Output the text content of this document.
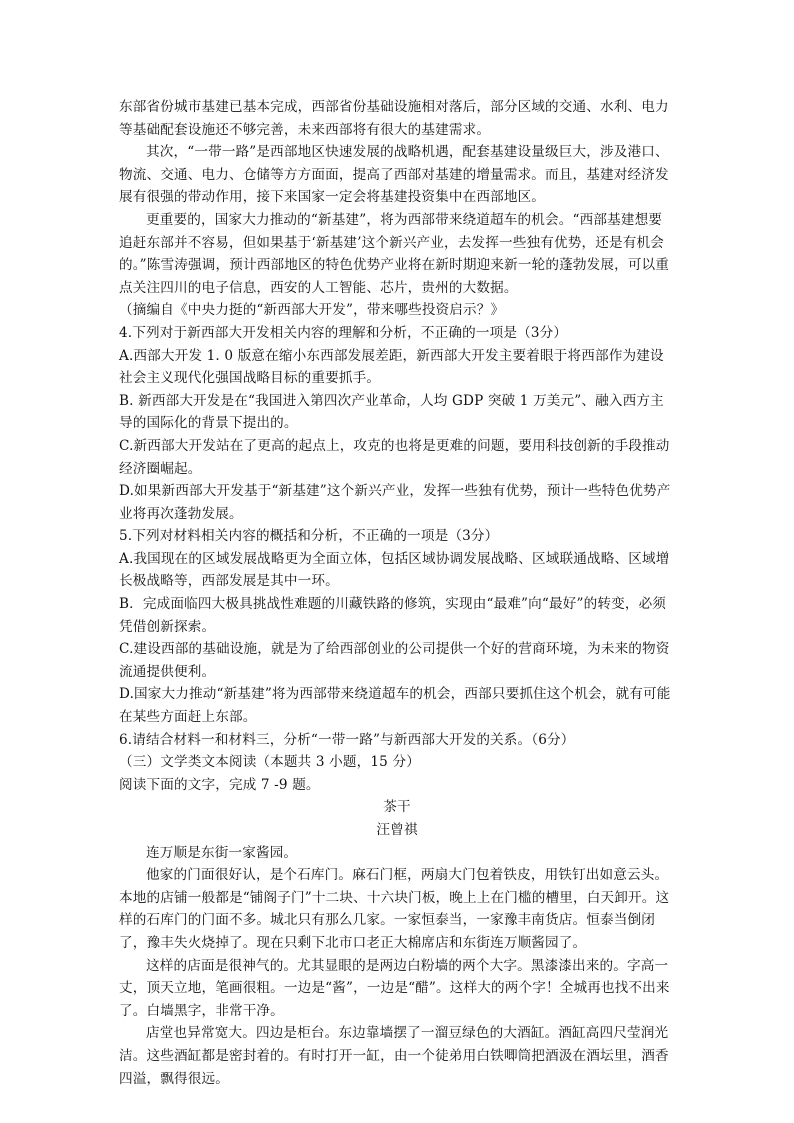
东部省份城市基建已基本完成，西部省份基础设施相对落后，部分区域的交通、水利、电力等基础配套设施还不够完善，未来西部将有很大的基建需求。

其次，“一带一路”是西部地区快速发展的战略机遇，配套基建设量级巨大，涉及港口、物流、交通、电力、仓储等方方面面，提高了西部对基建的增量需求。而且，基建对经济发展有很强的带动作用，接下来国家一定会将基建投资集中在西部地区。

更重要的，国家大力推动的“新基建”，将为西部带来绕道超车的机会。“西部基建想要追赶东部并不容易，但如果基于‘新基建’这个新兴产业，去发挥一些独有优势，还是有机会的。”陈雪涛强调，预计西部地区的特色优势产业将在新时期迎来新一轮的蓬勃发展，可以重点关注四川的电子信息，西安的人工智能、芯片，贵州的大数据。

（摘编自《中央力挺的“新西部大开发”，带来哪些投资启示？》

4.下列对于新西部大开发相关内容的理解和分析，不正确的一项是（3分）

A.西部大开发 1. 0 版意在缩小东西部发展差距，新西部大开发主要着眼于将西部作为建设社会主义现代化强国战略目标的重要抓手。

B. 新西部大开发是在“我国进入第四次产业革命，人均 GDP 突破 1 万美元”、融入西方主导的国际化的背景下提出的。

C.新西部大开发站在了更高的起点上，攻克的也将是更难的问题，要用科技创新的手段推动经济圈崛起。

D.如果新西部大开发基于“新基建”这个新兴产业，发挥一些独有优势，预计一些特色优势产业将再次蓬勃发展。

5.下列对材料相关内容的概括和分析，不正确的一项是（3分）

A.我国现在的区域发展战略更为全面立体，包括区域协调发展战略、区域联通战略、区域增长极战略等，西部发展是其中一环。

B．完成面临四大极具挑战性难题的川藏铁路的修筑，实现由“最难”向“最好”的转变，必须凭借创新探索。

C.建设西部的基础设施，就是为了给西部创业的公司提供一个好的营商环境，为未来的物资流通提供便利。

D.国家大力推动“新基建”将为西部带来绕道超车的机会，西部只要抓住这个机会，就有可能在某些方面赶上东部。

6.请结合材料一和材料三，分析“一带一路”与新西部大开发的关系。（6分）

（三）文学类文本阅读（本题共 3 小题，15 分）

阅读下面的文字，完成 7 -9 题。

茶干

汪曾祺

连万顺是东街一家酱园。

他家的门面很好认，是个石库门。麻石门框，两扇大门包着铁皮，用铁钉出如意云头。本地的店铺一般都是“铺阁子门”十二块、十六块门板，晚上上在门槛的槽里，白天卸开。这样的石库门的门面不多。城北只有那么几家。一家恒泰当，一家豫丰南货店。恒泰当倒闭了，豫丰失火烧掉了。现在只剩下北市口老正大棉席店和东街连万顺酱园了。

这样的店面是很神气的。尤其显眼的是两边白粉墙的两个大字。黑漆漆出来的。字高一丈，顶天立地，笔画很粗。一边是“酱”，一边是“醋”。这样大的两个字！全城再也找不出来了。白墙黑字，非常干净。

店堂也异常宽大。四边是柜台。东边靠墙摆了一溜豆绿色的大酒缸。酒缸高四尺莹润光洁。这些酒缸都是密封着的。有时打开一缸，由一个徒弟用白铁唧筒把酒汲在酒坛里，酒香四溢，飘得很远。
